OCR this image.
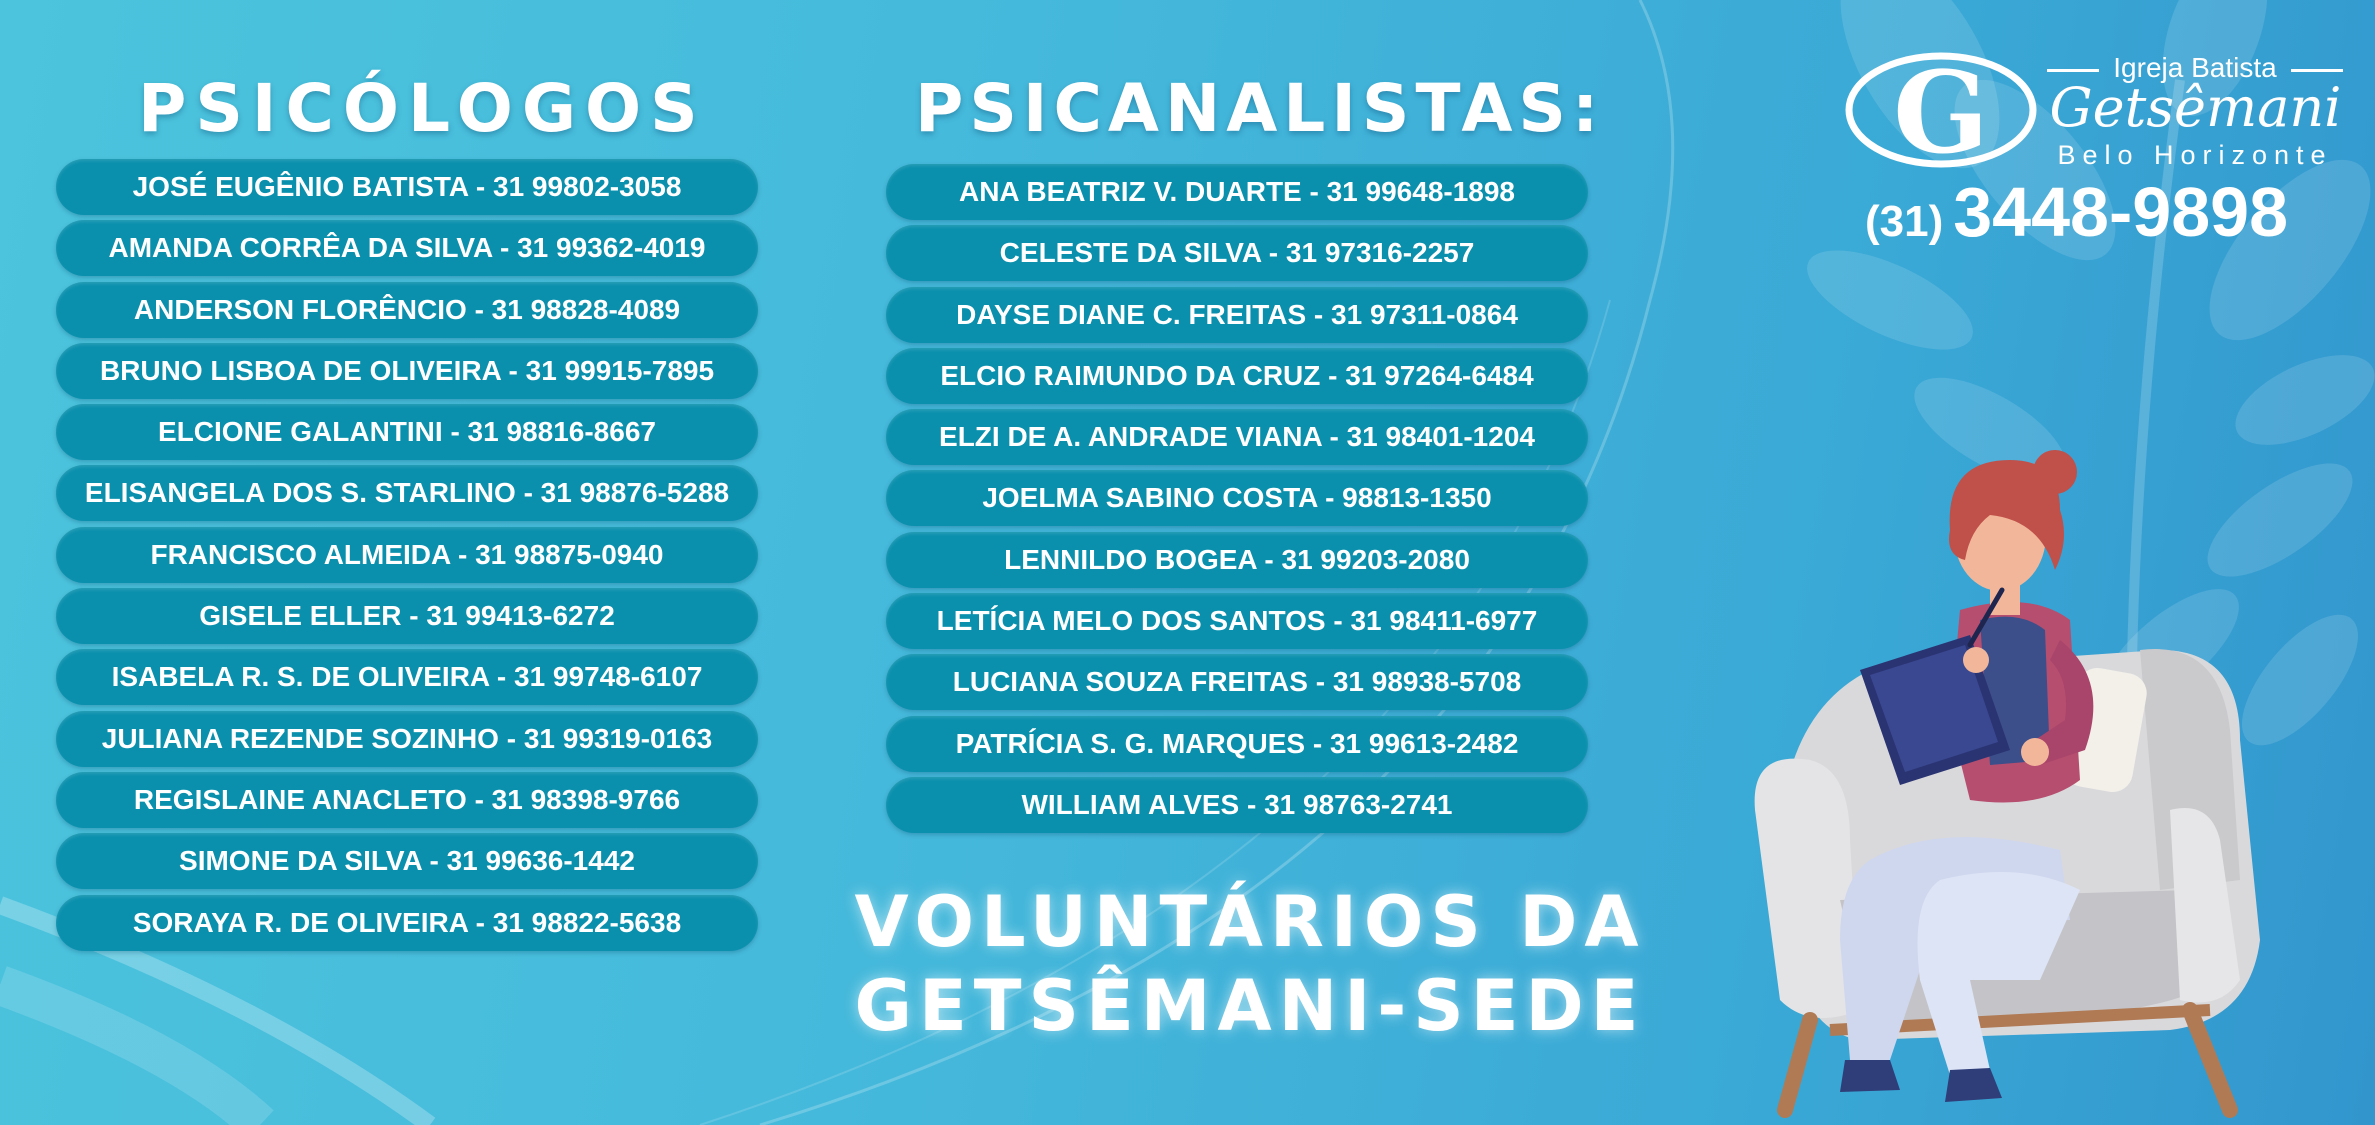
PSICÓLOGOS
JOSÉ EUGÊNIO BATISTA - 31 99802-3058
AMANDA CORRÊA DA SILVA - 31 99362-4019
ANDERSON FLORÊNCIO - 31 98828-4089
BRUNO LISBOA DE OLIVEIRA - 31 99915-7895
ELCIONE GALANTINI - 31 98816-8667
ELISANGELA DOS S. STARLINO - 31 98876-5288
FRANCISCO ALMEIDA - 31 98875-0940
GISELE ELLER - 31 99413-6272
ISABELA R. S. DE OLIVEIRA - 31 99748-6107
JULIANA REZENDE SOZINHO - 31 99319-0163
REGISLAINE ANACLETO - 31 98398-9766
SIMONE DA SILVA - 31 99636-1442
SORAYA R. DE OLIVEIRA - 31 98822-5638
PSICANALISTAS:
ANA BEATRIZ V. DUARTE - 31 99648-1898
CELESTE DA SILVA - 31 97316-2257
DAYSE DIANE C. FREITAS - 31 97311-0864
ELCIO RAIMUNDO DA CRUZ - 31 97264-6484
ELZI DE A. ANDRADE VIANA - 31 98401-1204
JOELMA SABINO COSTA - 98813-1350
LENNILDO BOGEA - 31 99203-2080
LETÍCIA MELO DOS SANTOS - 31 98411-6977
LUCIANA SOUZA FREITAS - 31 98938-5708
PATRÍCIA S. G. MARQUES - 31 99613-2482
WILLIAM ALVES - 31 98763-2741
VOLUNTÁRIOS DA
GETSÊMANI-SEDE
G	Igreja Batista
Getsêmani
Belo Horizonte
(31) 3448-9898
